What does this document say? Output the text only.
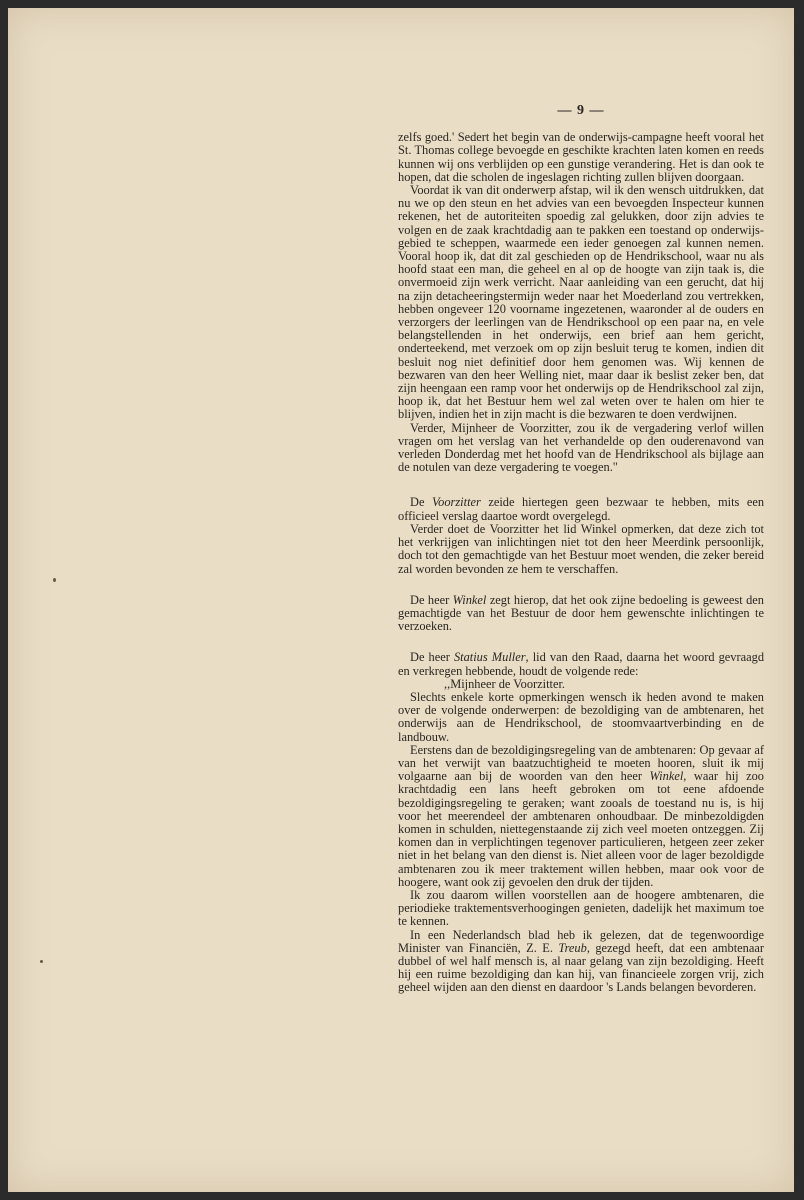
— 9 —

zelfs goed.' Sedert het begin van de onderwijs-campagne heeft vooral het St. Thomas college bevoegde en geschikte krachten laten komen en reeds kunnen wij ons verblijden op een gunstige verandering. Het is dan ook te hopen, dat die scholen de ingeslagen richting zullen blijven doorgaan.

Voordat ik van dit onderwerp afstap, wil ik den wensch uitdrukken, dat nu we op den steun en het advies van een bevoegden Inspecteur kunnen rekenen, het de autoriteiten spoedig zal gelukken, door zijn advies te volgen en de zaak krachtdadig aan te pakken een toestand op onderwijs-gebied te scheppen, waarmede een ieder genoegen zal kunnen nemen. Vooral hoop ik, dat dit zal geschieden op de Hendrikschool, waar nu als hoofd staat een man, die geheel en al op de hoogte van zijn taak is, die onvermoeid zijn werk verricht. Naar aanleiding van een gerucht, dat hij na zijn detacheeringstermijn weder naar het Moederland zou vertrekken, hebben ongeveer 120 voorname ingezetenen, waaronder al de ouders en verzorgers der leerlingen van de Hendrikschool op een paar na, en vele belangstellenden in het onderwijs, een brief aan hem gericht, onderteekend, met verzoek om op zijn besluit terug te komen, indien dit besluit nog niet definitief door hem genomen was. Wij kennen de bezwaren van den heer Welling niet, maar daar ik beslist zeker ben, dat zijn heengaan een ramp voor het onderwijs op de Hendrikschool zal zijn, hoop ik, dat het Bestuur hem wel zal weten over te halen om hier te blijven, indien het in zijn macht is die bezwaren te doen verdwijnen.

Verder, Mijnheer de Voorzitter, zou ik de vergadering verlof willen vragen om het verslag van het verhandelde op den ouderenavond van verleden Donderdag met het hoofd van de Hendrikschool als bijlage aan de notulen van deze vergadering te voegen."

De Voorzitter zeide hiertegen geen bezwaar te hebben, mits een officieel verslag daartoe wordt overgelegd.

Verder doet de Voorzitter het lid Winkel opmerken, dat deze zich tot het verkrijgen van inlichtingen niet tot den heer Meerdink persoonlijk, doch tot den gemachtigde van het Bestuur moet wenden, die zeker bereid zal worden bevonden ze hem te verschaffen.

De heer Winkel zegt hierop, dat het ook zijne bedoeling is geweest den gemachtigde van het Bestuur de door hem gewenschte inlichtingen te verzoeken.

De heer Statius Muller, lid van den Raad, daarna het woord gevraagd en verkregen hebbende, houdt de volgende rede:

,,Mijnheer de Voorzitter.

Slechts enkele korte opmerkingen wensch ik heden avond te maken over de volgende onderwerpen: de bezoldiging van de ambtenaren, het onderwijs aan de Hendrikschool, de stoomvaartverbinding en de landbouw.

Eerstens dan de bezoldigingsregeling van de ambtenaren: Op gevaar af van het verwijt van baatzuchtigheid te moeten hooren, sluit ik mij volgaarne aan bij de woorden van den heer Winkel, waar hij zoo krachtdadig een lans heeft gebroken om tot eene afdoende bezoldigingsregeling te geraken; want zooals de toestand nu is, is hij voor het meerendeel der ambtenaren onhoudbaar. De minbezoldigden komen in schulden, niettegenstaande zij zich veel moeten ontzeggen. Zij komen dan in verplichtingen tegenover particulieren, hetgeen zeer zeker niet in het belang van den dienst is. Niet alleen voor de lager bezoldigde ambtenaren zou ik meer traktement willen hebben, maar ook voor de hoogere, want ook zij gevoelen den druk der tijden.

Ik zou daarom willen voorstellen aan de hoogere ambtenaren, die periodieke traktementsverhoogingen genieten, dadelijk het maximum toe te kennen.

In een Nederlandsch blad heb ik gelezen, dat de tegenwoordige Minister van Financiën, Z. E. Treub, gezegd heeft, dat een ambtenaar dubbel of wel half mensch is, al naar gelang van zijn bezoldiging. Heeft hij een ruime bezoldiging dan kan hij, van financieele zorgen vrij, zich geheel wijden aan den dienst en daardoor 's Lands belangen bevorderen.
